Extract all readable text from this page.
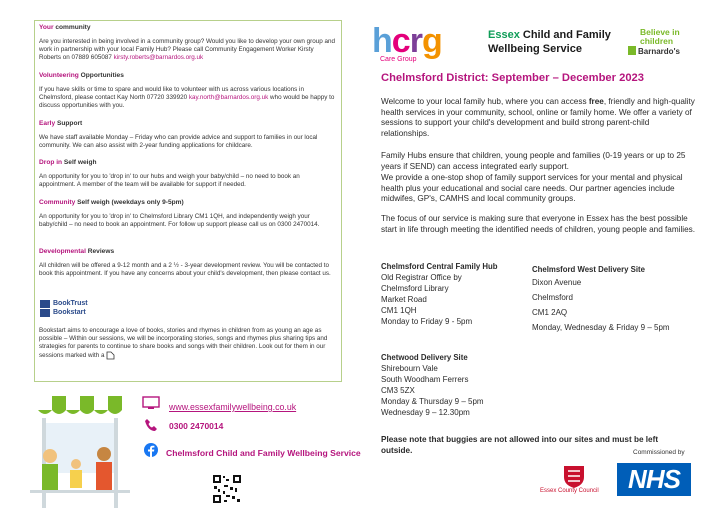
Your community
Are you interested in being involved in a community group? Would you like to develop your own group and work in partnership with your local Family Hub? Please call Community Engagement Worker Kirsty Roberts on 07889 605087 kirsty.roberts@barnardos.org.uk
Volunteering Opportunities
If you have skills or time to spare and would like to volunteer with us across various locations in Chelmsford, please contact Kay North 07720 339920 kay.north@barnardos.org.uk who would be happy to discuss opportunities with you.
Early Support
We have staff available Monday – Friday who can provide advice and support to families in our local community. We can also assist with 2-year funding applications for childcare.
Drop in Self weigh
An opportunity for you to 'drop in' to our hubs and weigh your baby/child – no need to book an appointment. A member of the team will be available for support if needed.
Community Self weigh (weekdays only 9-5pm)
An opportunity for you to 'drop in' to Chelmsford Library CM1 1QH, and independently weigh your baby/child – no need to book an appointment. For follow up support please call us on 0300 2470014.
Developmental Reviews
All children will be offered a 9-12 month and a 2 ½ - 3-year development review. You will be contacted to book this appointment. If you have any concerns about your child's development, then please contact us.
BookTrust
Bookstart
Bookstart aims to encourage a love of books, stories and rhymes in children from as young an age as possible – Within our sessions, we will be incorporating stories, songs and rhymes plus sharing tips and strategies for parents to continue to share books and songs with their children. Look out for them in our sessions marked with a
www.essexfamilywellbeing.co.uk
0300 2470014
Chelmsford Child and Family Wellbeing Service
hcrg
Care Group
Essex Child and Family
Wellbeing Service
Believe in children
Barnardo's
Chelmsford District: September – December 2023
Welcome to your local family hub, where you can access free, friendly and high-quality health services in your community, school, online or family home. We offer a variety of sessions to support your child's development and build strong parent-child relationships.
Family Hubs ensure that children, young people and families (0-19 years or up to 25 years if SEND) can access integrated early support.
We provide a one-stop shop of family support services for your mental and physical health plus your educational and social care needs. Our partner agencies include midwifes, GP's, CAMHS and local community groups.
The focus of our service is making sure that everyone in Essex has the best possible start in life through meeting the identified needs of children, young people and families.
Chelmsford Central Family Hub
Old Registrar Office by
Chelmsford Library
Market Road
CM1 1QH
Monday to Friday 9 - 5pm
Chelmsford West Delivery Site
Dixon Avenue
Chelmsford
CM1 2AQ
Monday, Wednesday & Friday 9 – 5pm
Chetwood Delivery Site
Shirebourn Vale
South Woodham Ferrers
CM3 5ZX
Monday & Thursday 9 – 5pm
Wednesday 9 – 12.30pm
Please note that buggies are not allowed into our sites and must be left outside.
Essex County Council
Commissioned by
NHS
